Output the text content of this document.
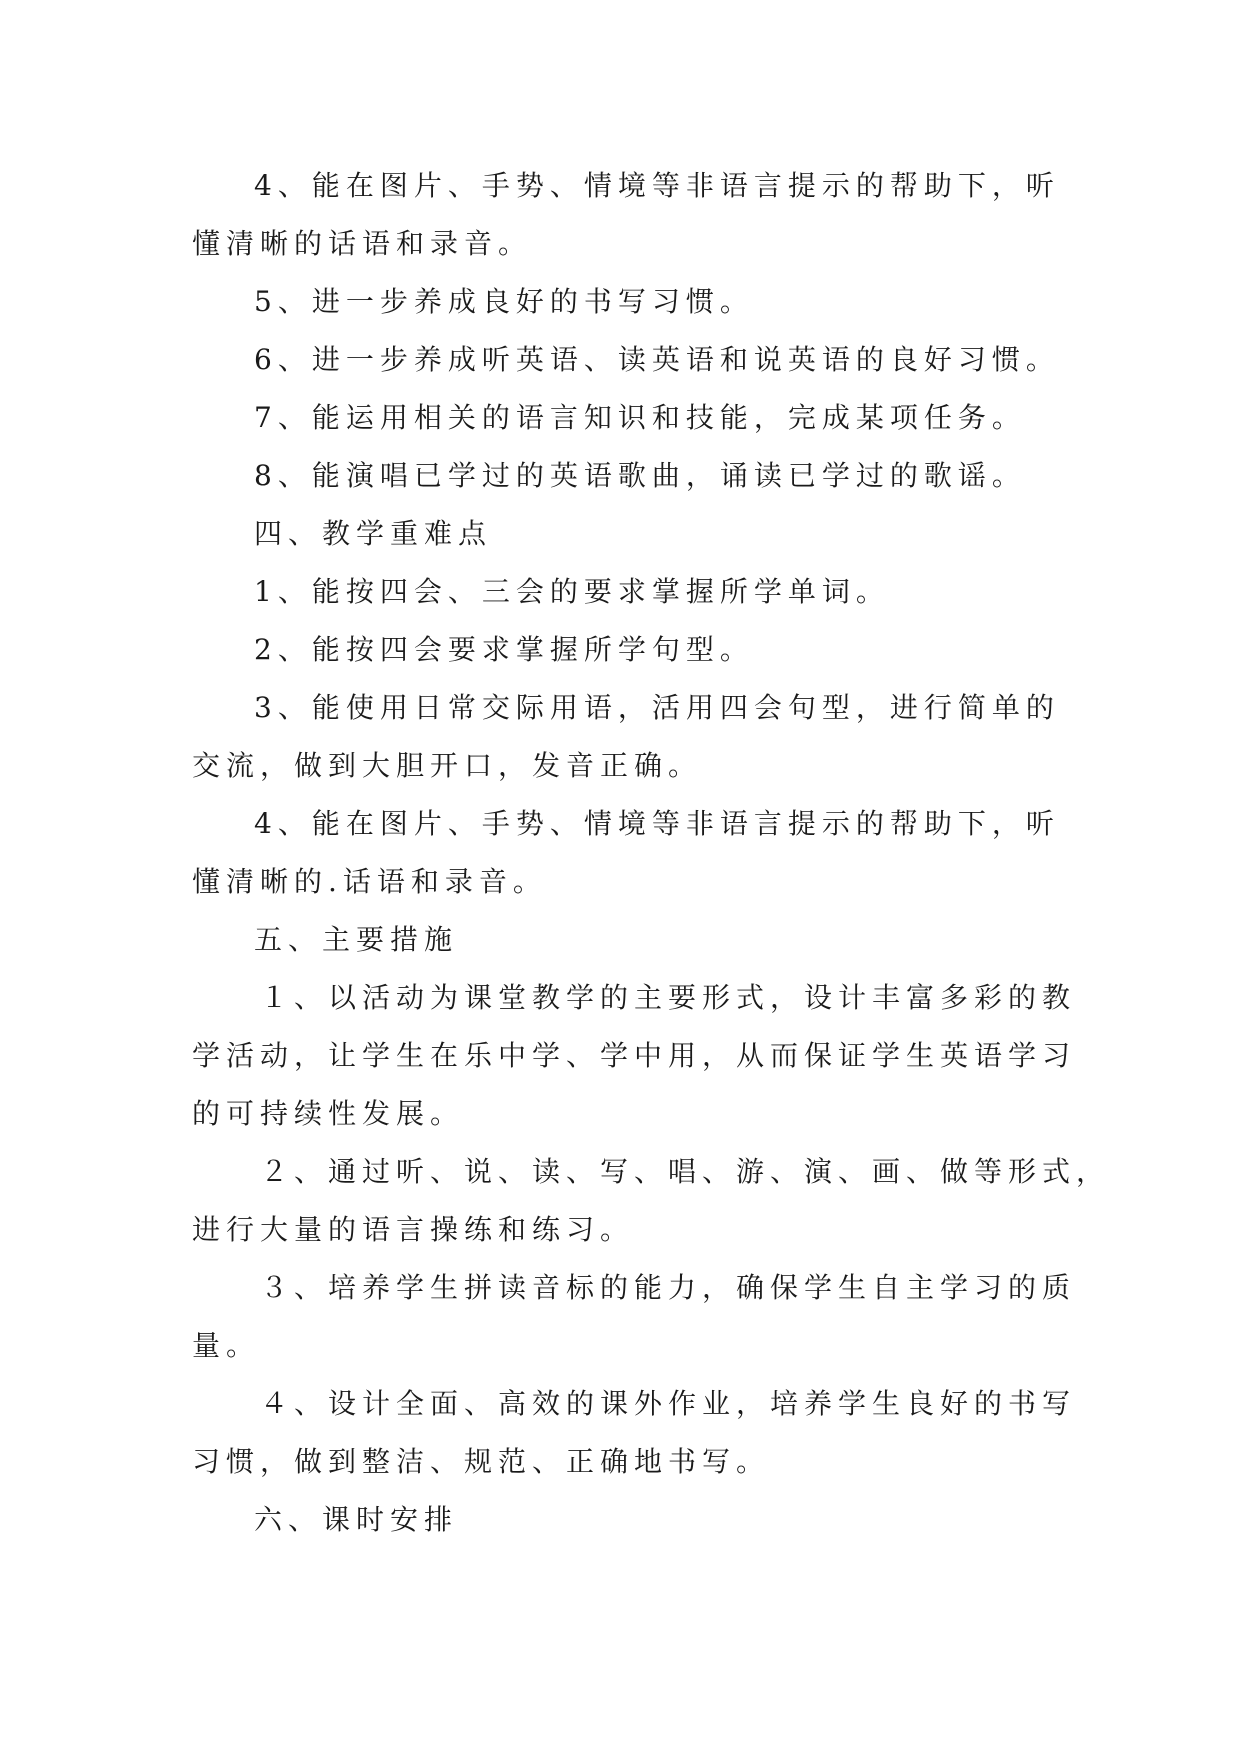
4、能在图片、手势、情境等非语言提示的帮助下，听
懂清晰的话语和录音。
5、进一步养成良好的书写习惯。
6、进一步养成听英语、读英语和说英语的良好习惯。
7、能运用相关的语言知识和技能，完成某项任务。
8、能演唱已学过的英语歌曲，诵读已学过的歌谣。
四、教学重难点
1、能按四会、三会的要求掌握所学单词。
2、能按四会要求掌握所学句型。
3、能使用日常交际用语，活用四会句型，进行简单的
交流，做到大胆开口，发音正确。
4、能在图片、手势、情境等非语言提示的帮助下，听
懂清晰的.话语和录音。
五、主要措施
１、以活动为课堂教学的主要形式，设计丰富多彩的教
学活动，让学生在乐中学、学中用，从而保证学生英语学习
的可持续性发展。
２、通过听、说、读、写、唱、游、演、画、做等形式，
进行大量的语言操练和练习。
３、培养学生拼读音标的能力，确保学生自主学习的质
量。
４、设计全面、高效的课外作业，培养学生良好的书写
习惯，做到整洁、规范、正确地书写。
六、课时安排
